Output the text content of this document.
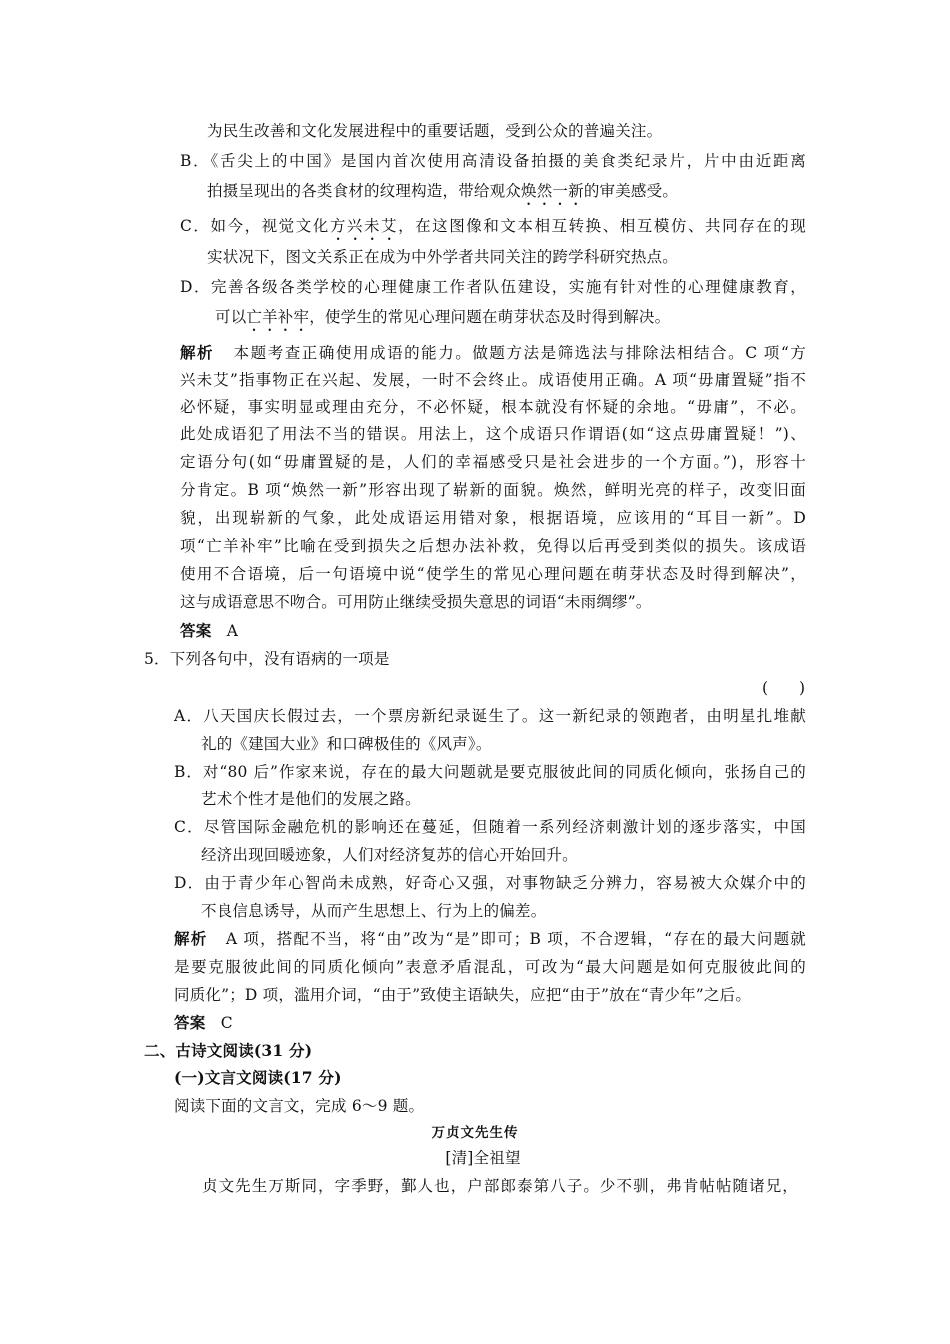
为民生改善和文化发展进程中的重要话题，受到公众的普遍关注。
B．《舌尖上的中国》是国内首次使用高清设备拍摄的美食类纪录片，片中由近距离
拍摄呈现出的各类食材的纹理构造，带给观众焕然一新的审美感受。
C．如今，视觉文化方兴未艾，在这图像和文本相互转换、相互模仿、共同存在的现
实状况下，图文关系正在成为中外学者共同关注的跨学科研究热点。
D．完善各级各类学校的心理健康工作者队伍建设，实施有针对性的心理健康教育，
可以亡羊补牢，使学生的常见心理问题在萌芽状态及时得到解决。
解析 本题考查正确使用成语的能力。做题方法是筛选法与排除法相结合。C 项“方
兴未艾”指事物正在兴起、发展，一时不会终止。成语使用正确。A 项“毋庸置疑”指不
必怀疑，事实明显或理由充分，不必怀疑，根本就没有怀疑的余地。“毋庸”，不必。
此处成语犯了用法不当的错误。用法上，这个成语只作谓语(如“这点毋庸置疑！”)、
定语分句(如“毋庸置疑的是，人们的幸福感受只是社会进步的一个方面。”)，形容十
分肯定。B 项“焕然一新”形容出现了崭新的面貌。焕然，鲜明光亮的样子，改变旧面
貌，出现崭新的气象，此处成语运用错对象，根据语境，应该用的“耳目一新”。D
项“亡羊补牢”比喻在受到损失之后想办法补救，免得以后再受到类似的损失。该成语
使用不合语境，后一句语境中说“使学生的常见心理问题在萌芽状态及时得到解决”，
这与成语意思不吻合。可用防止继续受损失意思的词语“未雨绸缪”。
答案 A
5．下列各句中，没有语病的一项是
(　　)
A．八天国庆长假过去，一个票房新纪录诞生了。这一新纪录的领跑者，由明星扎堆献
礼的《建国大业》和口碑极佳的《风声》。
B．对“80 后”作家来说，存在的最大问题就是要克服彼此间的同质化倾向，张扬自己的
艺术个性才是他们的发展之路。
C．尽管国际金融危机的影响还在蔓延，但随着一系列经济刺激计划的逐步落实，中国
经济出现回暖迹象，人们对经济复苏的信心开始回升。
D．由于青少年心智尚未成熟，好奇心又强，对事物缺乏分辨力，容易被大众媒介中的
不良信息诱导，从而产生思想上、行为上的偏差。
解析 A 项，搭配不当，将“由”改为“是”即可；B 项，不合逻辑，“存在的最大问题就
是要克服彼此间的同质化倾向”表意矛盾混乱，可改为“最大问题是如何克服彼此间的
同质化”；D 项，滥用介词，“由于”致使主语缺失，应把“由于”放在“青少年”之后。
答案 C
二、古诗文阅读(31 分)
(一)文言文阅读(17 分)
阅读下面的文言文，完成 6～9 题。
万贞文先生传
[清]全祖望
贞文先生万斯同，字季野，鄞人也，户部郎泰第八子。少不驯，弗肯帖帖随诸兄，
